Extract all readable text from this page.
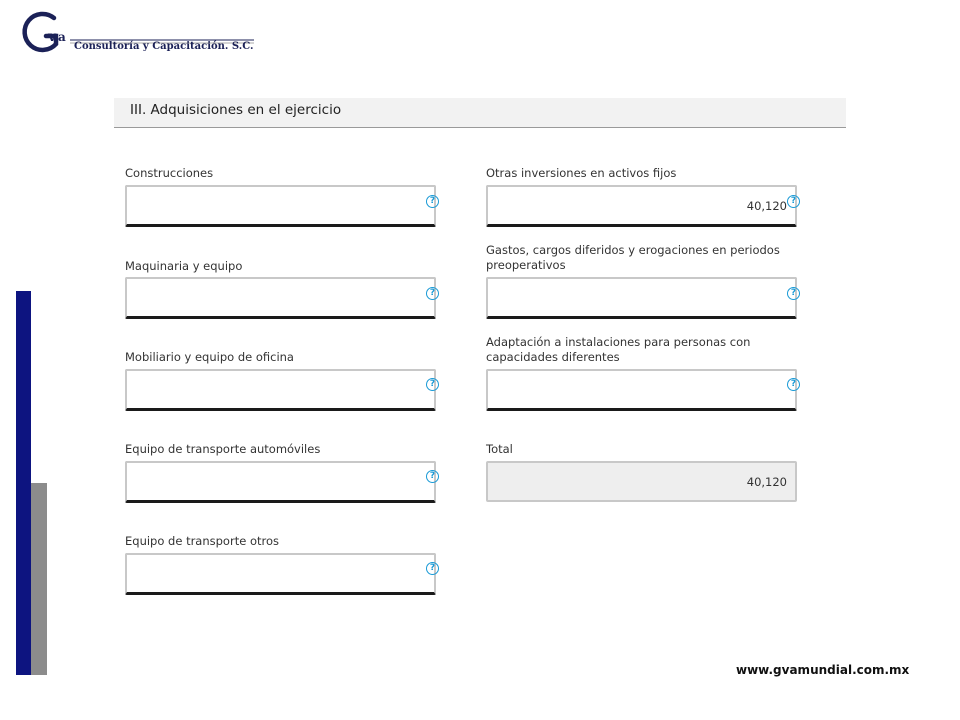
v a
Consultoría y Capacitación. S.C.
III. Adquisiciones en el ejercicio
Construcciones
?
Maquinaria y equipo
?
Mobiliario y equipo de oficina
?
Equipo de transporte automóviles
?
Equipo de transporte otros
?
Otras inversiones en activos fijos
40,120
?
Gastos, cargos diferidos y erogaciones en periodos preoperativos
?
Adaptación a instalaciones para personas con capacidades diferentes
?
Total
40,120
www.gvamundial.com.mx
